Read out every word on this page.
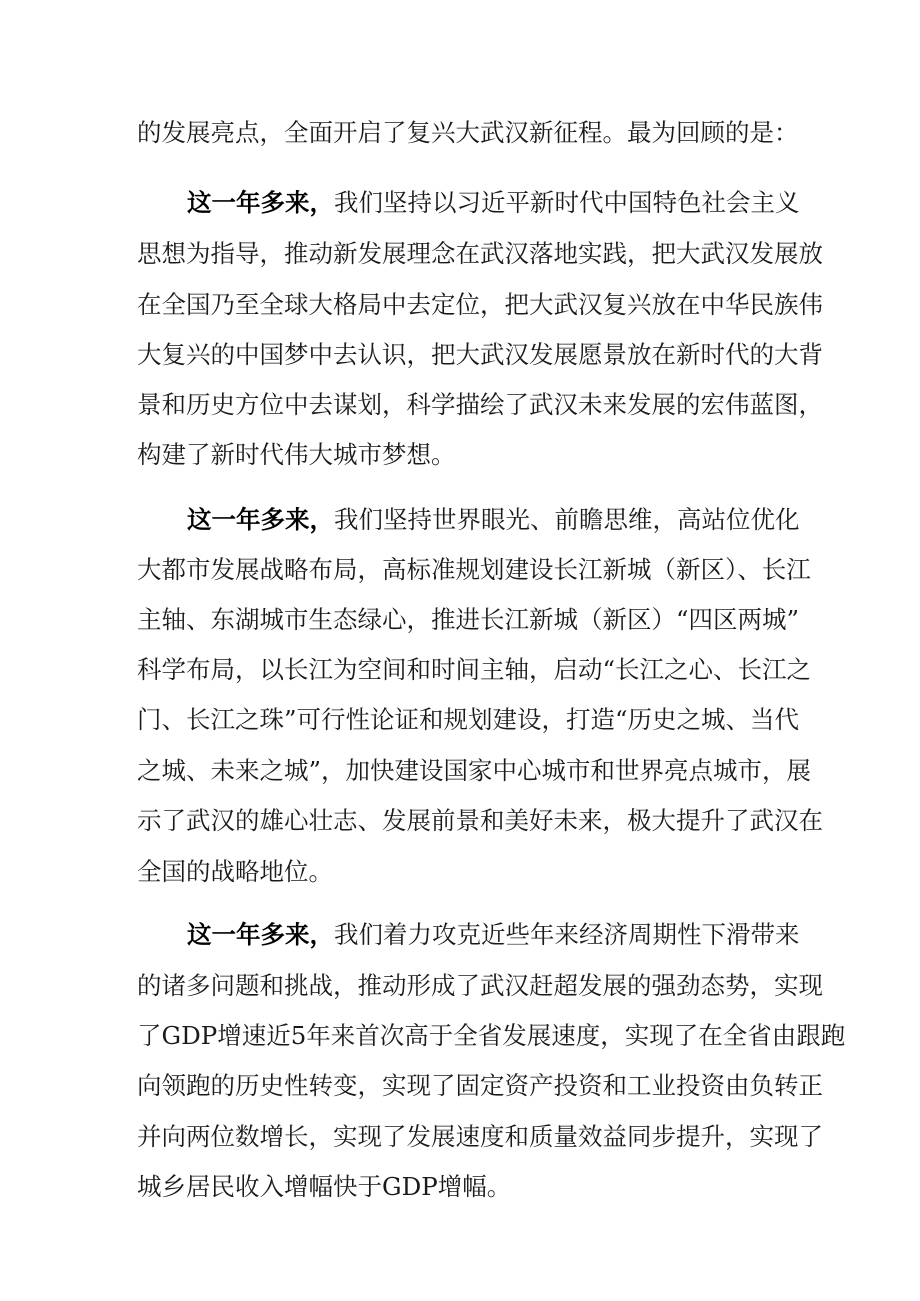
的发展亮点，全面开启了复兴大武汉新征程。最为回顾的是：
这一年多来，我们坚持以习近平新时代中国特色社会主义
思想为指导，推动新发展理念在武汉落地实践，把大武汉发展放
在全国乃至全球大格局中去定位，把大武汉复兴放在中华民族伟
大复兴的中国梦中去认识，把大武汉发展愿景放在新时代的大背
景和历史方位中去谋划，科学描绘了武汉未来发展的宏伟蓝图，
构建了新时代伟大城市梦想。
这一年多来，我们坚持世界眼光、前瞻思维，高站位优化
大都市发展战略布局，高标准规划建设长江新城（新区）、长江
主轴、东湖城市生态绿心，推进长江新城（新区）“四区两城”
科学布局，以长江为空间和时间主轴，启动“长江之心、长江之
门、长江之珠”可行性论证和规划建设，打造“历史之城、当代
之城、未来之城”，加快建设国家中心城市和世界亮点城市，展
示了武汉的雄心壮志、发展前景和美好未来，极大提升了武汉在
全国的战略地位。
这一年多来，我们着力攻克近些年来经济周期性下滑带来
的诸多问题和挑战，推动形成了武汉赶超发展的强劲态势，实现
了GDP增速近5年来首次高于全省发展速度，实现了在全省由跟跑
向领跑的历史性转变，实现了固定资产投资和工业投资由负转正
并向两位数增长，实现了发展速度和质量效益同步提升，实现了
城乡居民收入增幅快于GDP增幅。
